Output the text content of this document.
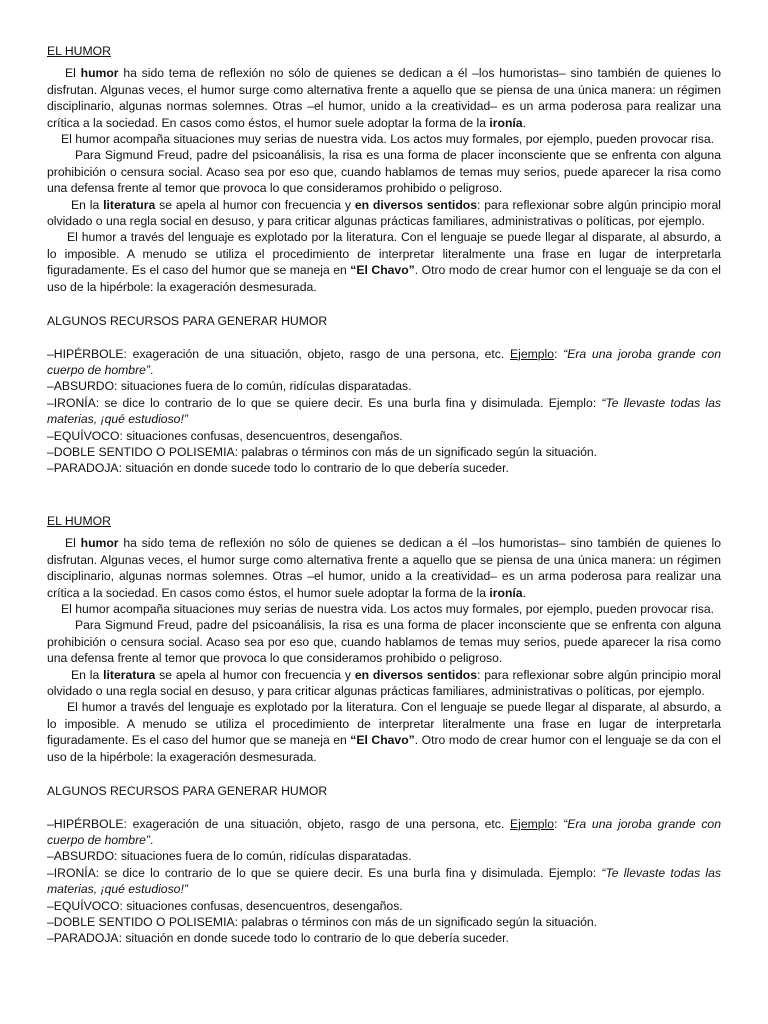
EL HUMOR

El humor ha sido tema de reflexión no sólo de quienes se dedican a él –los humoristas– sino también de quienes lo disfrutan. Algunas veces, el humor surge como alternativa frente a aquello que se piensa de una única manera: un régimen disciplinario, algunas normas solemnes. Otras –el humor, unido a la creatividad– es un arma poderosa para realizar una crítica a la sociedad. En casos como éstos, el humor suele adoptar la forma de la ironía.

El humor acompaña situaciones muy serias de nuestra vida. Los actos muy formales, por ejemplo, pueden provocar risa.

Para Sigmund Freud, padre del psicoanálisis, la risa es una forma de placer inconsciente que se enfrenta con alguna prohibición o censura social. Acaso sea por eso que, cuando hablamos de temas muy serios, puede aparecer la risa como una defensa frente al temor que provoca lo que consideramos prohibido o peligroso.

En la literatura se apela al humor con frecuencia y en diversos sentidos: para reflexionar sobre algún principio moral olvidado o una regla social en desuso, y para criticar algunas prácticas familiares, administrativas o políticas, por ejemplo.

El humor a través del lenguaje es explotado por la literatura. Con el lenguaje se puede llegar al disparate, al absurdo, a lo imposible. A menudo se utiliza el procedimiento de interpretar literalmente una frase en lugar de interpretarla figuradamente. Es el caso del humor que se maneja en “El Chavo”. Otro modo de crear humor con el lenguaje se da con el uso de la hipérbole: la exageración desmesurada.

ALGUNOS RECURSOS PARA GENERAR HUMOR
–HIPÉRBOLE: exageración de una situación, objeto, rasgo de una persona, etc. Ejemplo: “Era una joroba grande con cuerpo de hombre”.
–ABSURDO: situaciones fuera de lo común, ridículas disparatadas.
–IRONÍA: se dice lo contrario de lo que se quiere decir. Es una burla fina y disimulada. Ejemplo: “Te llevaste todas las materias, ¡qué estudioso!”
–EQUÍVOCO: situaciones confusas, desencuentros, desengaños.
–DOBLE SENTIDO O POLISEMIA: palabras o términos con más de un significado según la situación.
–PARADOJA: situación en donde sucede todo lo contrario de lo que debería suceder.
EL HUMOR

El humor ha sido tema de reflexión no sólo de quienes se dedican a él –los humoristas– sino también de quienes lo disfrutan. Algunas veces, el humor surge como alternativa frente a aquello que se piensa de una única manera: un régimen disciplinario, algunas normas solemnes. Otras –el humor, unido a la creatividad– es un arma poderosa para realizar una crítica a la sociedad. En casos como éstos, el humor suele adoptar la forma de la ironía.

El humor acompaña situaciones muy serias de nuestra vida. Los actos muy formales, por ejemplo, pueden provocar risa.

Para Sigmund Freud, padre del psicoanálisis, la risa es una forma de placer inconsciente que se enfrenta con alguna prohibición o censura social. Acaso sea por eso que, cuando hablamos de temas muy serios, puede aparecer la risa como una defensa frente al temor que provoca lo que consideramos prohibido o peligroso.

En la literatura se apela al humor con frecuencia y en diversos sentidos: para reflexionar sobre algún principio moral olvidado o una regla social en desuso, y para criticar algunas prácticas familiares, administrativas o políticas, por ejemplo.

El humor a través del lenguaje es explotado por la literatura. Con el lenguaje se puede llegar al disparate, al absurdo, a lo imposible. A menudo se utiliza el procedimiento de interpretar literalmente una frase en lugar de interpretarla figuradamente. Es el caso del humor que se maneja en “El Chavo”. Otro modo de crear humor con el lenguaje se da con el uso de la hipérbole: la exageración desmesurada.

ALGUNOS RECURSOS PARA GENERAR HUMOR
–HIPÉRBOLE: exageración de una situación, objeto, rasgo de una persona, etc. Ejemplo: “Era una joroba grande con cuerpo de hombre”.
–ABSURDO: situaciones fuera de lo común, ridículas disparatadas.
–IRONÍA: se dice lo contrario de lo que se quiere decir. Es una burla fina y disimulada. Ejemplo: “Te llevaste todas las materias, ¡qué estudioso!”
–EQUÍVOCO: situaciones confusas, desencuentros, desengaños.
–DOBLE SENTIDO O POLISEMIA: palabras o términos con más de un significado según la situación.
–PARADOJA: situación en donde sucede todo lo contrario de lo que debería suceder.
